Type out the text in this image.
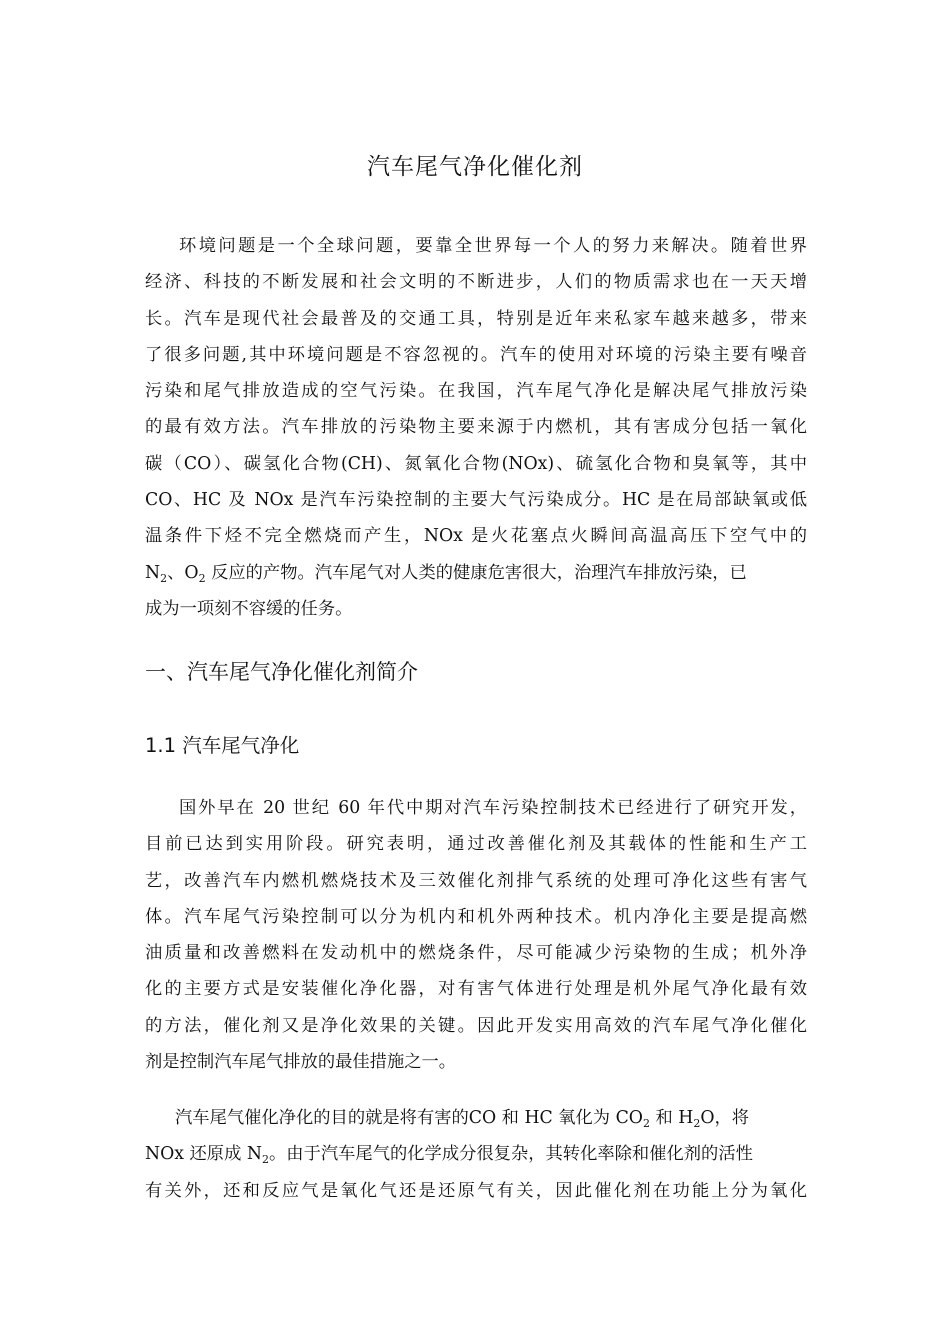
汽车尾气净化催化剂
环境问题是一个全球问题，要靠全世界每一个人的努力来解决。随着世界
经济、科技的不断发展和社会文明的不断进步，人们的物质需求也在一天天增
长。汽车是现代社会最普及的交通工具，特别是近年来私家车越来越多，带来
了很多问题,其中环境问题是不容忽视的。汽车的使用对环境的污染主要有噪音
污染和尾气排放造成的空气污染。在我国，汽车尾气净化是解决尾气排放污染
的最有效方法。汽车排放的污染物主要来源于内燃机，其有害成分包括一氧化
碳（CO）、碳氢化合物(CH)、氮氧化合物(NOx)、硫氢化合物和臭氧等，其中
CO、HC 及 NOx 是汽车污染控制的主要大气污染成分。HC 是在局部缺氧或低
温条件下烃不完全燃烧而产生，NOx 是火花塞点火瞬间高温高压下空气中的
$N_2$、$O_2$ 反应的产物。汽车尾气对人类的健康危害很大，治理汽车排放污染，已
成为一项刻不容缓的任务。
一、汽车尾气净化催化剂简介
1.1 汽车尾气净化
国外早在 20 世纪 60 年代中期对汽车污染控制技术已经进行了研究开发，
目前已达到实用阶段。研究表明，通过改善催化剂及其载体的性能和生产工
艺，改善汽车内燃机燃烧技术及三效催化剂排气系统的处理可净化这些有害气
体。汽车尾气污染控制可以分为机内和机外两种技术。机内净化主要是提高燃
油质量和改善燃料在发动机中的燃烧条件，尽可能减少污染物的生成；机外净
化的主要方式是安装催化净化器，对有害气体进行处理是机外尾气净化最有效
的方法，催化剂又是净化效果的关键。因此开发实用高效的汽车尾气净化催化
剂是控制汽车尾气排放的最佳措施之一。
汽车尾气催化净化的目的就是将有害的CO 和 HC 氧化为 $CO_2$ 和 $H_2O$，将
NOx 还原成 $N_2$。由于汽车尾气的化学成分很复杂，其转化率除和催化剂的活性
有关外，还和反应气是氧化气还是还原气有关，因此催化剂在功能上分为氧化
